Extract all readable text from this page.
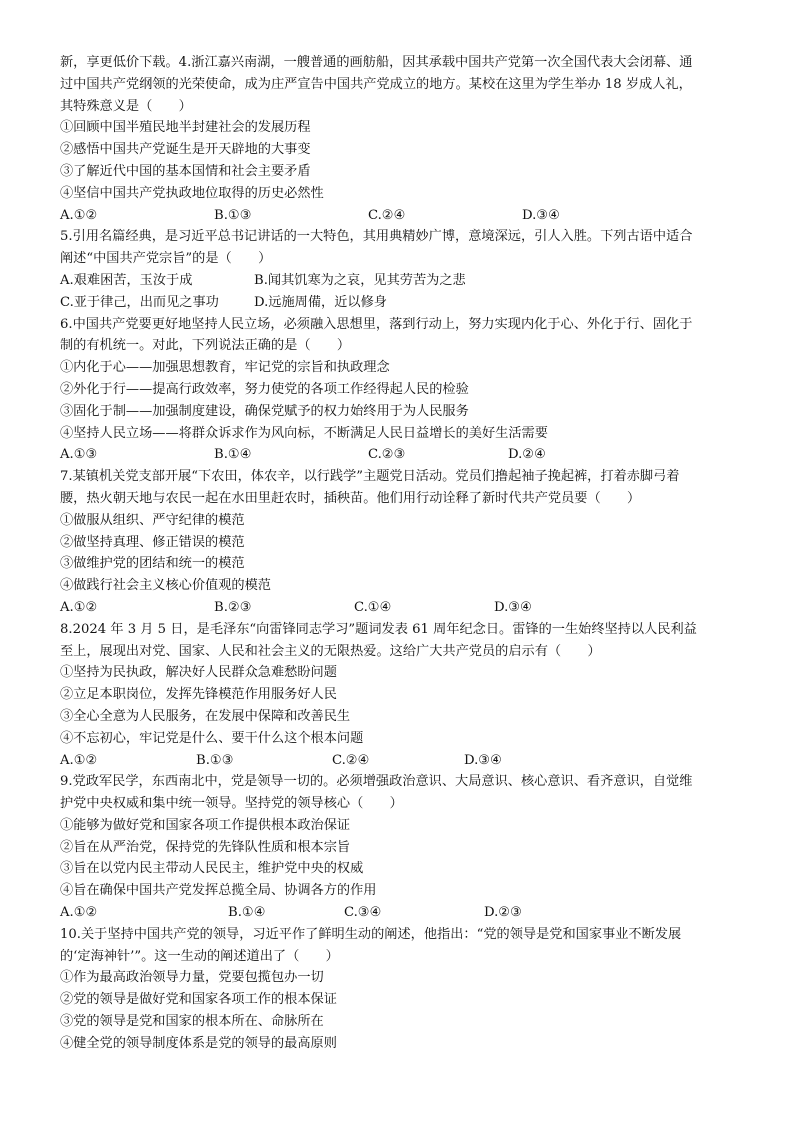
新，享更低价下载。4.浙江嘉兴南湖，一艘普通的画舫船，因其承载中国共产党第一次全国代表大会闭幕、通
过中国共产党纲领的光荣使命，成为庄严宣告中国共产党成立的地方。某校在这里为学生举办 18 岁成人礼，
其特殊意义是（　　）
①回顾中国半殖民地半封建社会的发展历程
②感悟中国共产党诞生是开天辟地的大事变
③了解近代中国的基本国情和社会主要矛盾
④坚信中国共产党执政地位取得的历史必然性
A.①②	B.①③	C.②④	D.③④
5.引用名篇经典，是习近平总书记讲话的一大特色，其用典精妙广博，意境深远，引人入胜。下列古语中适合
阐述“中国共产党宗旨”的是（　　）
A.艰难困苦，玉汝于成	B.闻其饥寒为之哀，见其劳苦为之悲
C.亚于律己，出而见之事功	D.远施周備，近以修身
6.中国共产党要更好地坚持人民立场，必须融入思想里，落到行动上，努力实现内化于心、外化于行、固化于
制的有机统一。对此，下列说法正确的是（　　）
①内化于心——加强思想教育，牢记党的宗旨和执政理念
②外化于行——提高行政效率，努力使党的各项工作经得起人民的检验
③固化于制——加强制度建设，确保党赋予的权力始终用于为人民服务
④坚持人民立场——将群众诉求作为风向标，不断满足人民日益增长的美好生活需要
A.①③	B.①④	C.②③	D.②④
7.某镇机关党支部开展“下农田，体农辛，以行践学”主题党日活动。党员们撸起袖子挽起裤，打着赤脚弓着
腰，热火朝天地与农民一起在水田里赶农时，插秧苗。他们用行动诠释了新时代共产党员要（　　）
①做服从组织、严守纪律的模范
②做坚持真理、修正错误的模范
③做维护党的团结和统一的模范
④做践行社会主义核心价值观的模范
A.①②	B.②③	C.①④	D.③④
8.2024 年 3 月 5 日，是毛泽东“向雷锋同志学习”题词发表 61 周年纪念日。雷锋的一生始终坚持以人民利益
至上，展现出对党、国家、人民和社会主义的无限热爱。这给广大共产党员的启示有（　　）
①坚持为民执政，解决好人民群众急难愁盼问题
②立足本职岗位，发挥先锋模范作用服务好人民
③全心全意为人民服务，在发展中保障和改善民生
④不忘初心，牢记党是什么、要干什么这个根本问题
A.①②	B.①③	C.②④	D.③④
9.党政军民学，东西南北中，党是领导一切的。必须增强政治意识、大局意识、核心意识、看齐意识，自觉维
护党中央权威和集中统一领导。坚持党的领导核心（　　）
①能够为做好党和国家各项工作提供根本政治保证
②旨在从严治党，保持党的先锋队性质和根本宗旨
③旨在以党内民主带动人民民主，维护党中央的权威
④旨在确保中国共产党发挥总揽全局、协调各方的作用
A.①②	B.①④	C.③④	D.②③
10.关于坚持中国共产党的领导，习近平作了鲜明生动的阐述，他指出：“党的领导是党和国家事业不断发展
的‘定海神针’”。这一生动的阐述道出了（　　）
①作为最高政治领导力量，党要包揽包办一切
②党的领导是做好党和国家各项工作的根本保证
③党的领导是党和国家的根本所在、命脉所在
④健全党的领导制度体系是党的领导的最高原则
